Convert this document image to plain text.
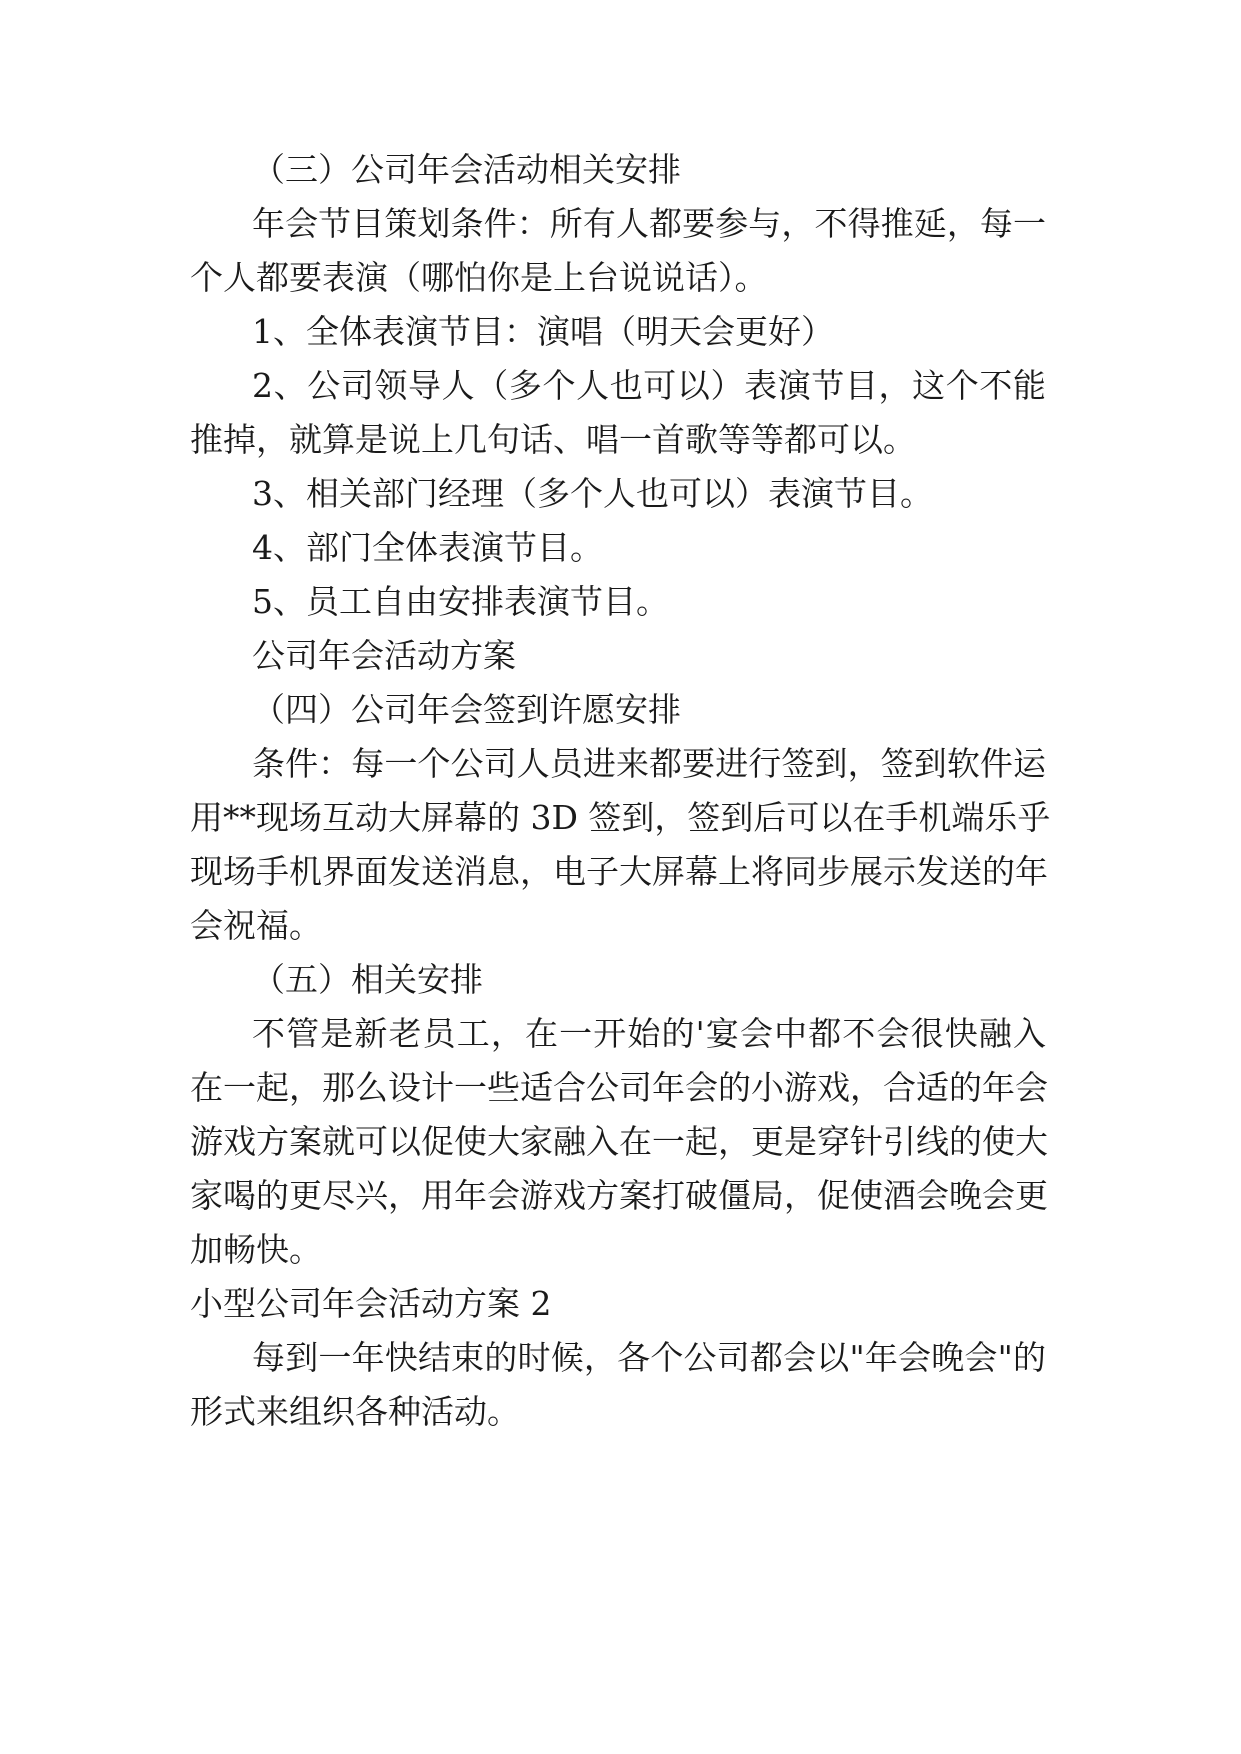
（三）公司年会活动相关安排
年会节目策划条件：所有人都要参与，不得推延，每一
个人都要表演（哪怕你是上台说说话）。
1、全体表演节目：演唱（明天会更好）
2、公司领导人（多个人也可以）表演节目，这个不能
推掉，就算是说上几句话、唱一首歌等等都可以。
3、相关部门经理（多个人也可以）表演节目。
4、部门全体表演节目。
5、员工自由安排表演节目。
公司年会活动方案
（四）公司年会签到许愿安排
条件：每一个公司人员进来都要进行签到，签到软件运
用**现场互动大屏幕的 3D 签到，签到后可以在手机端乐乎
现场手机界面发送消息，电子大屏幕上将同步展示发送的年
会祝福。
（五）相关安排
不管是新老员工，在一开始的'宴会中都不会很快融入
在一起，那么设计一些适合公司年会的小游戏，合适的年会
游戏方案就可以促使大家融入在一起，更是穿针引线的使大
家喝的更尽兴，用年会游戏方案打破僵局，促使酒会晚会更
加畅快。
小型公司年会活动方案 2
每到一年快结束的时候，各个公司都会以"年会晚会"的
形式来组织各种活动。
